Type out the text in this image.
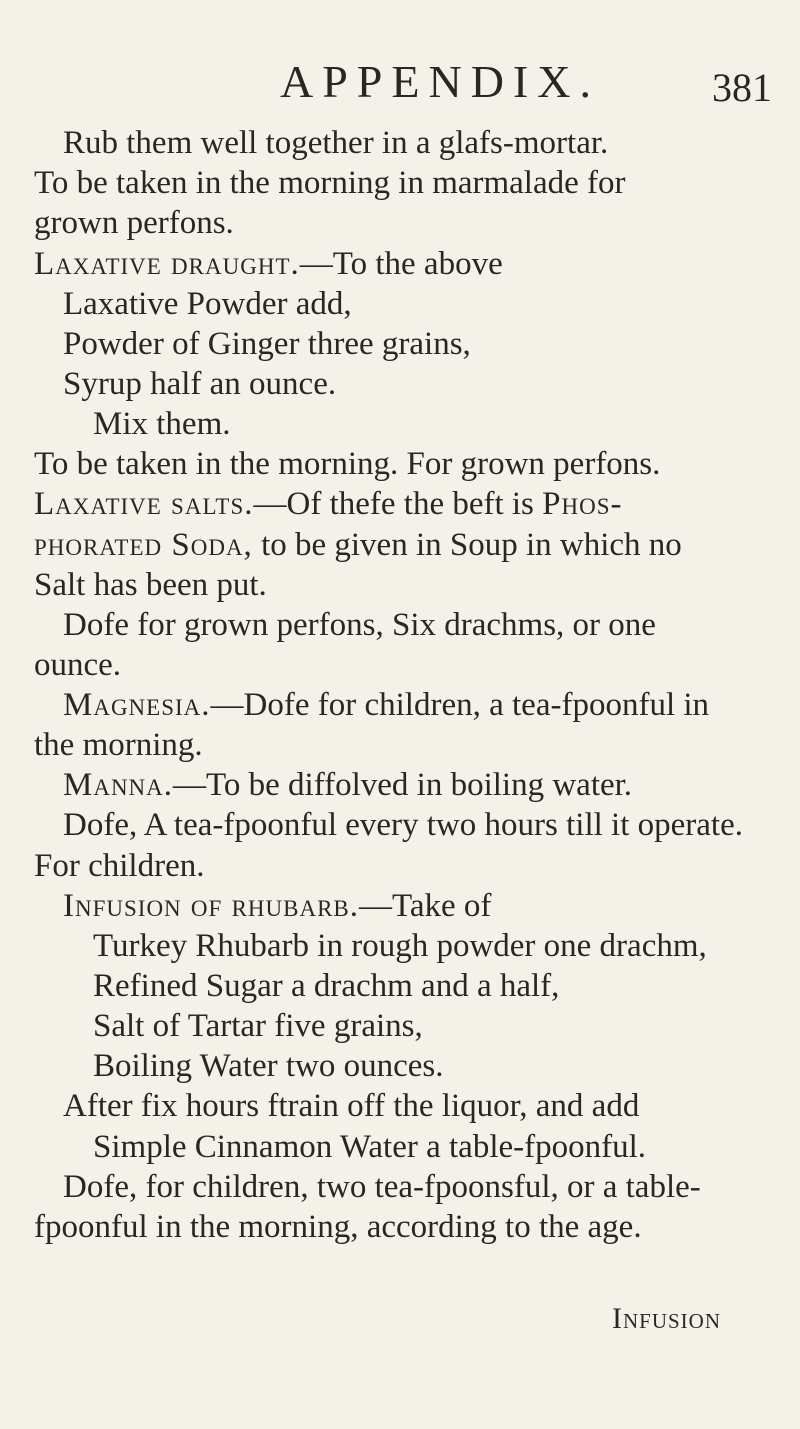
APPENDIX.	381
Rub them well together in a glafs-mortar.
To be taken in the morning in marmalade for
grown perfons.
Laxative draught.—To the above
Laxative Powder add,
Powder of Ginger three grains,
Syrup half an ounce.
Mix them.
To be taken in the morning. For grown perfons.
Laxative salts.—Of thefe the beft is Phos-
phorated Soda, to be given in Soup in which no
Salt has been put.
Dofe for grown perfons, Six drachms, or one
ounce.
Magnesia.—Dofe for children, a tea-fpoonful in
the morning.
Manna.—To be diffolved in boiling water.
Dofe, A tea-fpoonful every two hours till it operate.
For children.
Infusion of rhubarb.—Take of
Turkey Rhubarb in rough powder one drachm,
Refined Sugar a drachm and a half,
Salt of Tartar five grains,
Boiling Water two ounces.
After fix hours ftrain off the liquor, and add
Simple Cinnamon Water a table-fpoonful.
Dofe, for children, two tea-fpoonsful, or a table-
fpoonful in the morning, according to the age.
Infusion
